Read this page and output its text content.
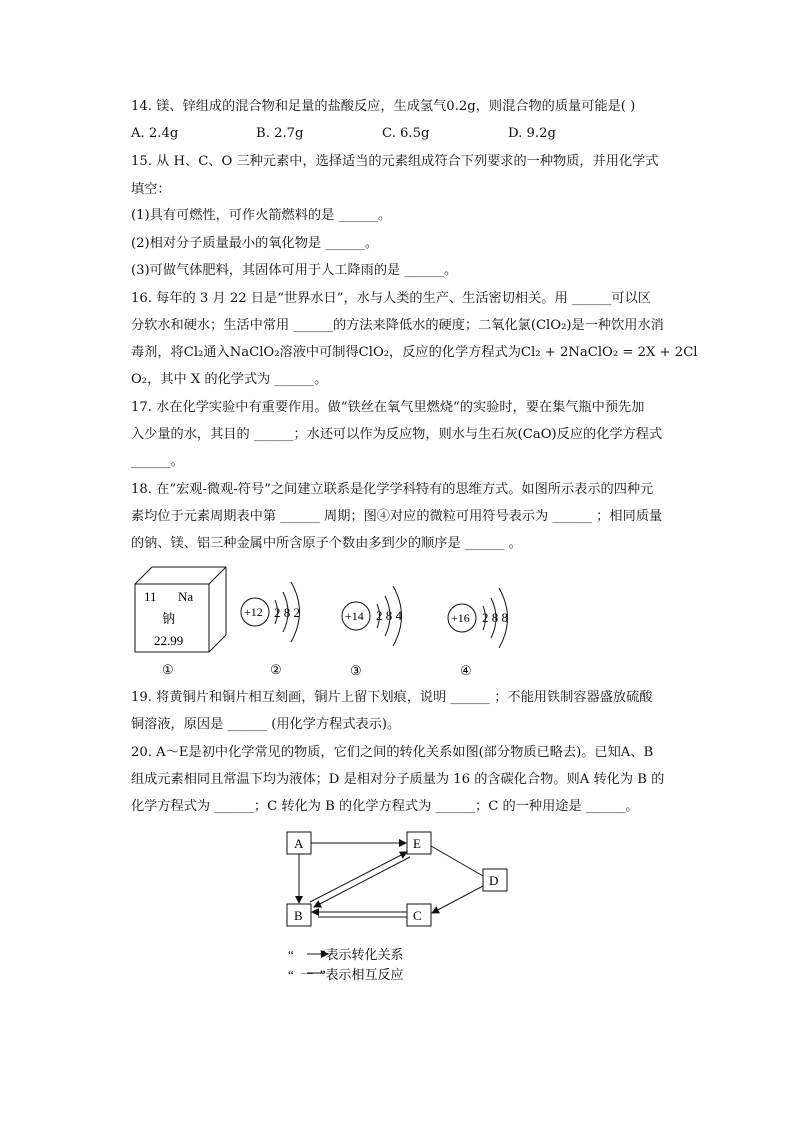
14. 镁、锌组成的混合物和足量的盐酸反应，生成氢气0.2g，则混合物的质量可能是( )
A. 2.4g	B. 2.7g	C. 6.5g	D. 9.2g
15. 从 H、C、O 三种元素中，选择适当的元素组成符合下列要求的一种物质，并用化学式
填空：
(1)具有可燃性，可作火箭燃料的是 ______。
(2)相对分子质量最小的氧化物是 ______。
(3)可做气体肥料，其固体可用于人工降雨的是 ______。
16. 每年的 3 月 22 日是“世界水日”，水与人类的生产、生活密切相关。用 ______可以区
分软水和硬水；生活中常用 ______的方法来降低水的硬度；二氧化氯(ClO₂)是一种饮用水消
毒剂，将Cl₂通入NaClO₂溶液中可制得ClO₂，反应的化学方程式为Cl₂ + 2NaClO₂ = 2X + 2Cl
O₂，其中 X 的化学式为 ______。
17. 水在化学实验中有重要作用。做“铁丝在氧气里燃烧“的实验时，要在集气瓶中预先加
入少量的水，其目的 ______；水还可以作为反应物，则水与生石灰(CaO)反应的化学方程式
______。
18. 在“宏观-微观-符号”之间建立联系是化学学科特有的思维方式。如图所示表示的四种元
素均位于元素周期表中第 ______ 周期；图④对应的微粒可用符号表示为 ______ ；相同质量
的钠、镁、铝三种金属中所含原子个数由多到少的顺序是 ______ 。
11 Na
钠
22.99
+12 2 8 2	+14 2 8 4	+16 2 8 8
①	②	③	④
19. 将黄铜片和铜片相互刻画，铜片上留下划痕，说明 ______ ；不能用铁制容器盛放硫酸
铜溶液，原因是 ______ (用化学方程式表示)。
20. A～E是初中化学常见的物质，它们之间的转化关系如图(部分物质已略去)。已知A、B
组成元素相同且常温下均为液体；D 是相对分子质量为 16 的含碳化合物。则A 转化为 B 的
化学方程式为 ______；C 转化为 B 的化学方程式为 ______；C 的一种用途是 ______。
A	E
D
B	C
“        ”表示转化关系
“  一  ”表示相互反应
